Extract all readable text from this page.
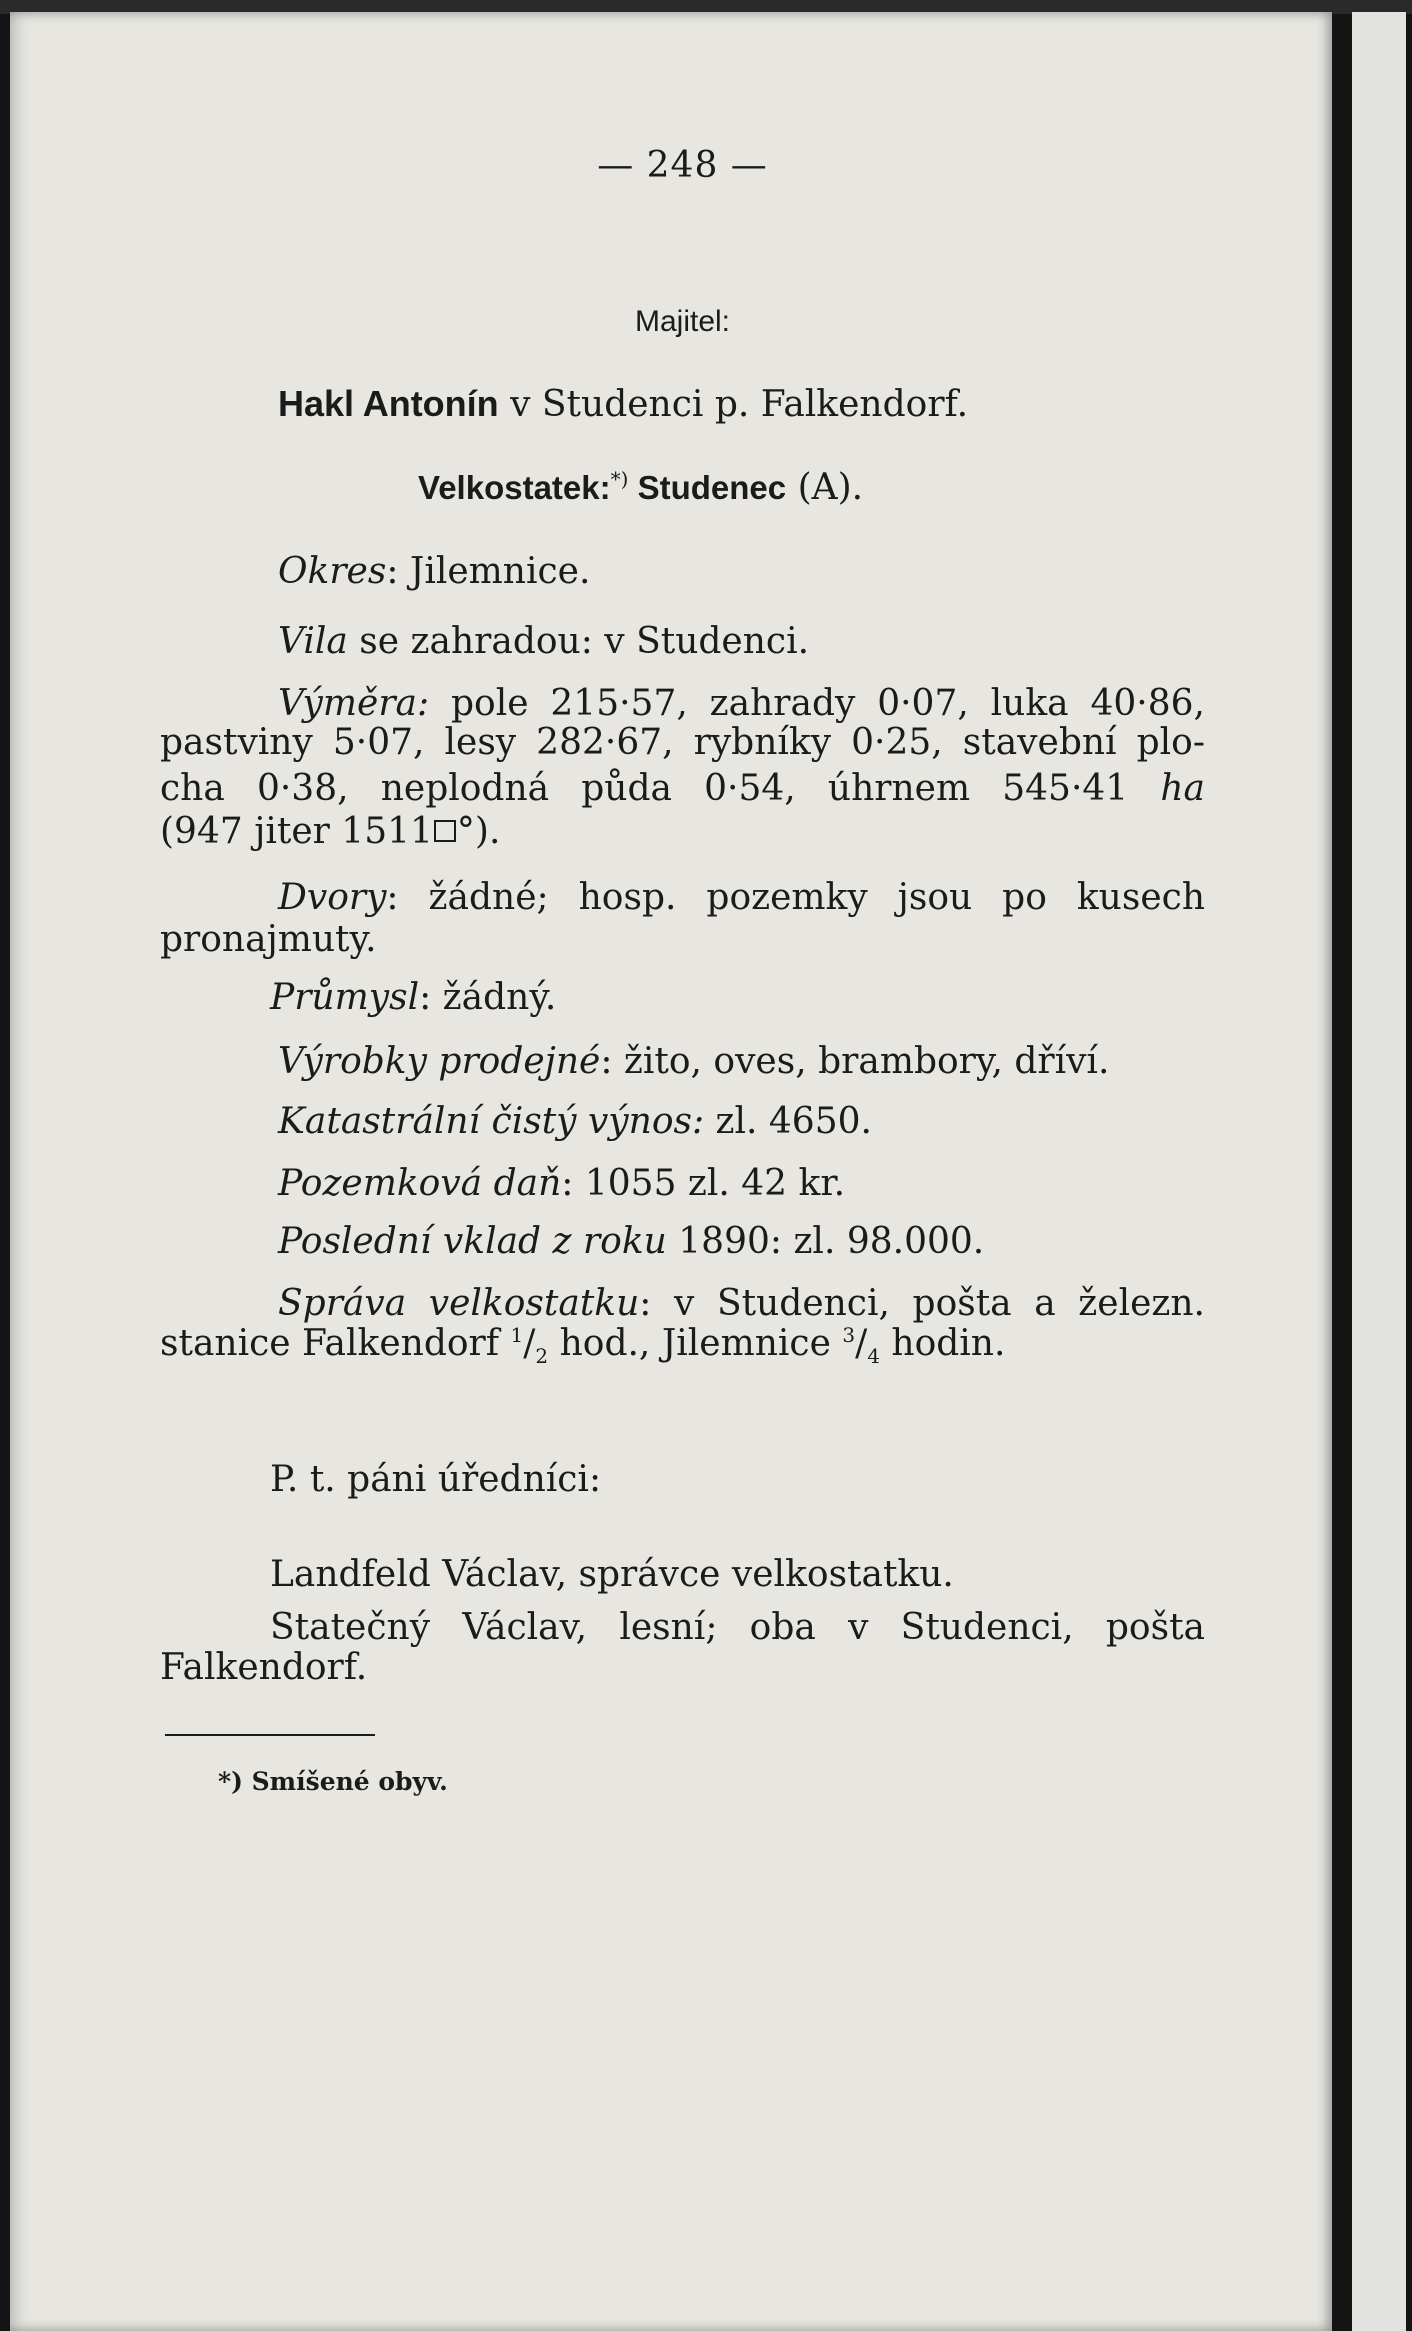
— 248 —
Majitel:
Hakl Antonín v Studenci p. Falkendorf.
Velkostatek:*) Studenec (A).
Okres: Jilemnice.
Vila se zahradou: v Studenci.
Výměra: pole 215·57, zahrady 0·07, luka 40·86,
pastviny 5·07, lesy 282·67, rybníky 0·25, stavební plo-
cha 0·38, neplodná půda 0·54, úhrnem 545·41 ha
(947 jiter 1511 °).
Dvory: žádné; hosp. pozemky jsou po kusech
pronajmuty.
Průmysl: žádný.
Výrobky prodejné: žito, oves, brambory, dříví.
Katastrální čistý výnos: zl. 4650.
Pozemková daň: 1055 zl. 42 kr.
Poslední vklad z roku 1890: zl. 98.000.
Správa velkostatku: v Studenci, pošta a železn.
stanice Falkendorf $^1/_2$ hod., Jilemnice $^3/_4$ hodin.
P. t. páni úředníci:
Landfeld Václav, správce velkostatku.
Statečný Václav, lesní; oba v Studenci, pošta
Falkendorf.
*) Smíšené obyv.
